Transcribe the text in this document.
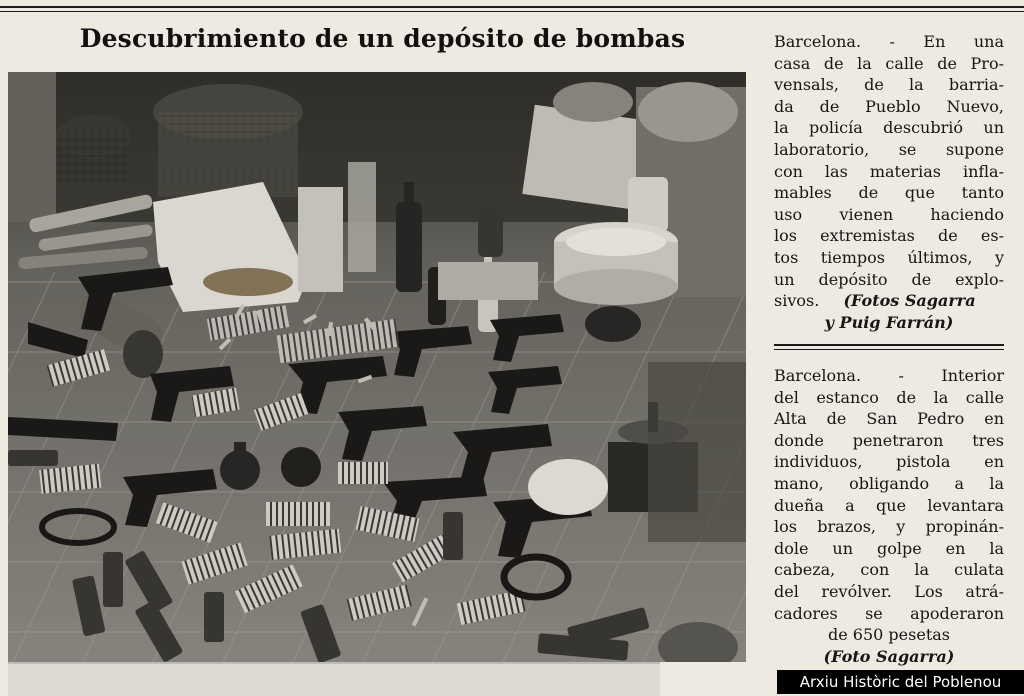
Descubrimiento de un depósito de bombas	Barcelona. - En una
casa de la calle de Pro-
vensals, de la barria-
da de Pueblo Nuevo,
la policía descubrió un
laboratorio, se supone
con las materias infla-
mables de que tanto
uso vienen haciendo
los extremistas de es-
tos tiempos últimos, y
un depósito de explo-
sivos. (Fotos Sagarra
y Puig Farrán)
Barcelona. - Interior
del estanco de la calle
Alta de San Pedro en
donde penetraron tres
individuos, pistola en
mano, obligando a la
dueña a que levantara
los brazos, y propinán-
dole un golpe en la
cabeza, con la culata
del revólver. Los atrá-
cadores se apoderaron
de 650 pesetas
(Foto Sagarra)
Arxiu Històric del Poblenou
